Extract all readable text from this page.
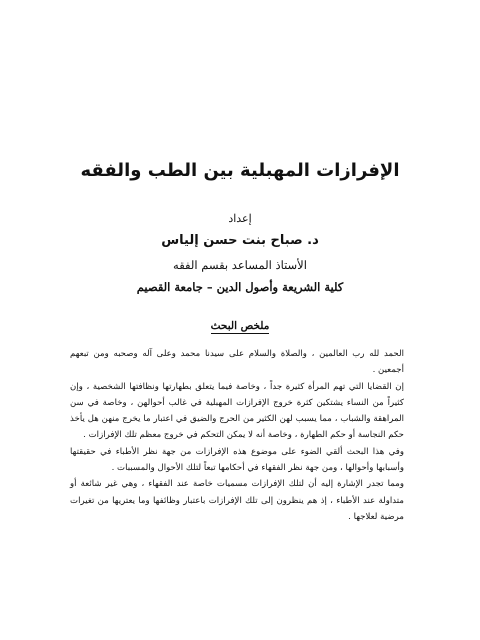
الإفرازات المهبلية بين الطب والفقه
إعداد
د. صباح بنت حسن إلياس
الأستاذ المساعد بقسم الفقه
كلية الشريعة وأصول الدين – جامعة القصيم
ملخص البحث

الحمد لله رب العالمين ، والصلاة والسلام على سيدنا محمد وعلى آله وصحبه ومن تبعهم أجمعين .

إن القضايا التي تهم المرأة كثيرة جداً ، وخاصة فيما يتعلق بطهارتها ونظافتها الشخصية ، وإن كثيراً من النساء يشتكين كثرة خروج الإفرازات المهبلية في غالب أحوالهن ، وخاصة في سن المراهقة والشباب ، مما يسبب لهن الكثير من الحرج والضيق في اعتبار ما يخرج منهن هل يأخذ حكم النجاسة أو حكم الطهارة ، وخاصة أنه لا يمكن التحكم في خروج معظم تلك الإفرازات .

وفي هذا البحث ألقي الضوء على موضوع هذه الإفرازات من جهة نظر الأطباء في حقيقتها وأسبابها وأحوالها ، ومن جهة نظر الفقهاء في أحكامها تبعاً لتلك الأحوال والمسببات .

ومما تجدر الإشارة إليه أن لتلك الإفرازات مسميات خاصة عند الفقهاء ، وهي غير شائعة أو متداولة عند الأطباء ، إذ هم ينظرون إلى تلك الإفرازات باعتبار وظائفها وما يعتريها من تغيرات مرضية لعلاجها .
